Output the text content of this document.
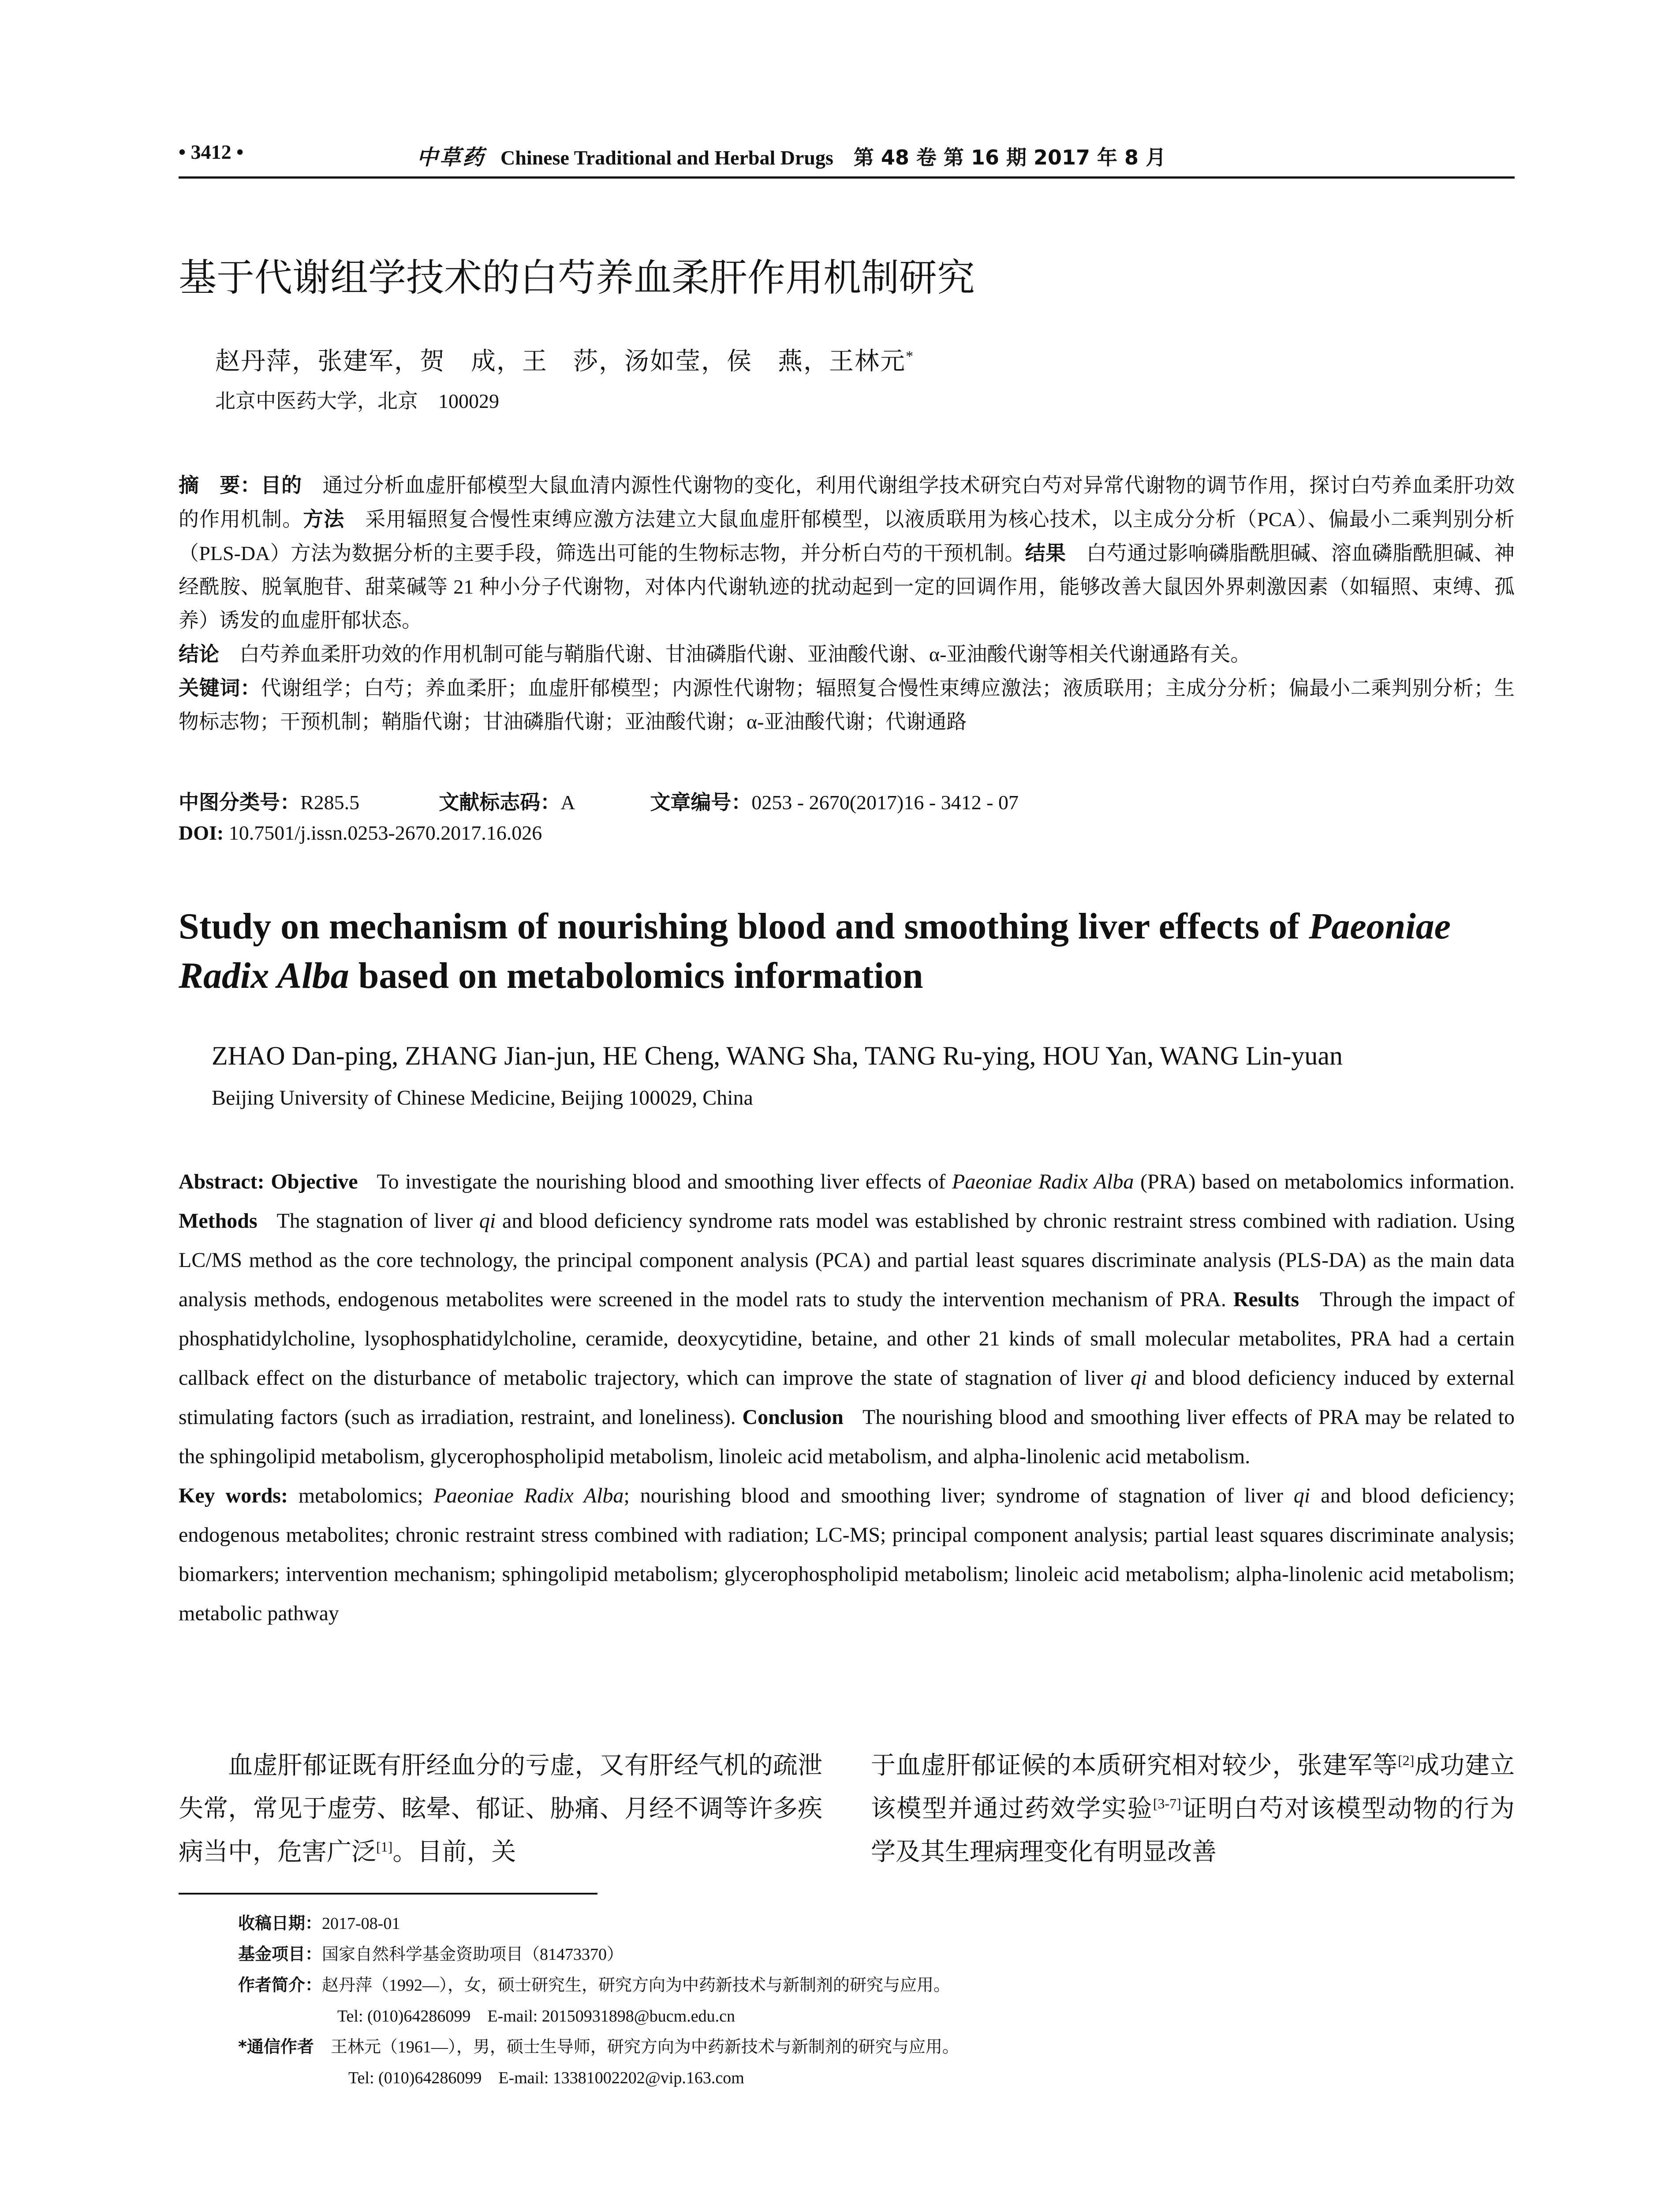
• 3412 •	中草药 Chinese Traditional and Herbal Drugs　 第 48 卷 第 16 期 2017 年 8 月
基于代谢组学技术的白芍养血柔肝作用机制研究
赵丹萍，张建军，贺　成，王　莎，汤如莹，侯　燕，王林元*
北京中医药大学，北京　100029
摘　要：目的　 通过分析血虚肝郁模型大鼠血清内源性代谢物的变化，利用代谢组学技术研究白芍对异常代谢物的调节作用，探讨白芍养血柔肝功效的作用机制。方法　 采用辐照复合慢性束缚应激方法建立大鼠血虚肝郁模型，以液质联用为核心技术，以主成分分析（PCA）、偏最小二乘判别分析（PLS-DA）方法为数据分析的主要手段，筛选出可能的生物标志物，并分析白芍的干预机制。结果　 白芍通过影响磷脂酰胆碱、溶血磷脂酰胆碱、神经酰胺、脱氧胞苷、甜菜碱等 21 种小分子代谢物，对体内代谢轨迹的扰动起到一定的回调作用，能够改善大鼠因外界刺激因素（如辐照、束缚、孤养）诱发的血虚肝郁状态。
结论　 白芍养血柔肝功效的作用机制可能与鞘脂代谢、甘油磷脂代谢、亚油酸代谢、α-亚油酸代谢等相关代谢通路有关。
关键词：代谢组学；白芍；养血柔肝；血虚肝郁模型；内源性代谢物；辐照复合慢性束缚应激法；液质联用；主成分分析；偏最小二乘判别分析；生物标志物；干预机制；鞘脂代谢；甘油磷脂代谢；亚油酸代谢；α-亚油酸代谢；代谢通路
中图分类号：R285.5	文献标志码：A	文章编号：0253 - 2670(2017)16 - 3412 - 07
DOI: 10.7501/j.issn.0253-2670.2017.16.026
Study on mechanism of nourishing blood and smoothing liver effects of Paeoniae Radix Alba based on metabolomics information
ZHAO Dan-ping, ZHANG Jian-jun, HE Cheng, WANG Sha, TANG Ru-ying, HOU Yan, WANG Lin-yuan
Beijing University of Chinese Medicine, Beijing 100029, China
Abstract: Objective To investigate the nourishing blood and smoothing liver effects of Paeoniae Radix Alba (PRA) based on metabolomics information. Methods The stagnation of liver qi and blood deficiency syndrome rats model was established by chronic restraint stress combined with radiation. Using LC/MS method as the core technology, the principal component analysis (PCA) and partial least squares discriminate analysis (PLS-DA) as the main data analysis methods, endogenous metabolites were screened in the model rats to study the intervention mechanism of PRA. Results Through the impact of phosphatidylcholine, lysophosphatidylcholine, ceramide, deoxycytidine, betaine, and other 21 kinds of small molecular metabolites, PRA had a certain callback effect on the disturbance of metabolic trajectory, which can improve the state of stagnation of liver qi and blood deficiency induced by external stimulating factors (such as irradiation, restraint, and loneliness). Conclusion The nourishing blood and smoothing liver effects of PRA may be related to the sphingolipid metabolism, glycerophospholipid metabolism, linoleic acid metabolism, and alpha-linolenic acid metabolism.
Key words: metabolomics; Paeoniae Radix Alba; nourishing blood and smoothing liver; syndrome of stagnation of liver qi and blood deficiency; endogenous metabolites; chronic restraint stress combined with radiation; LC-MS; principal component analysis; partial least squares discriminate analysis; biomarkers; intervention mechanism; sphingolipid metabolism; glycerophospholipid metabolism; linoleic acid metabolism; alpha-linolenic acid metabolism; metabolic pathway
血虚肝郁证既有肝经血分的亏虚，又有肝经气机的疏泄失常，常见于虚劳、眩晕、郁证、胁痛、月经不调等许多疾病当中，危害广泛[1]。目前，关
于血虚肝郁证候的本质研究相对较少，张建军等[2]成功建立该模型并通过药效学实验[3-7]证明白芍对该模型动物的行为学及其生理病理变化有明显改善
收稿日期：2017-08-01
基金项目：国家自然科学基金资助项目（81473370）
作者简介：赵丹萍（1992—），女，硕士研究生，研究方向为中药新技术与新制剂的研究与应用。
Tel: (010)64286099　E-mail: 20150931898@bucm.edu.cn
*通信作者　 王林元（1961—），男，硕士生导师，研究方向为中药新技术与新制剂的研究与应用。
Tel: (010)64286099　E-mail: 13381002202@vip.163.com
